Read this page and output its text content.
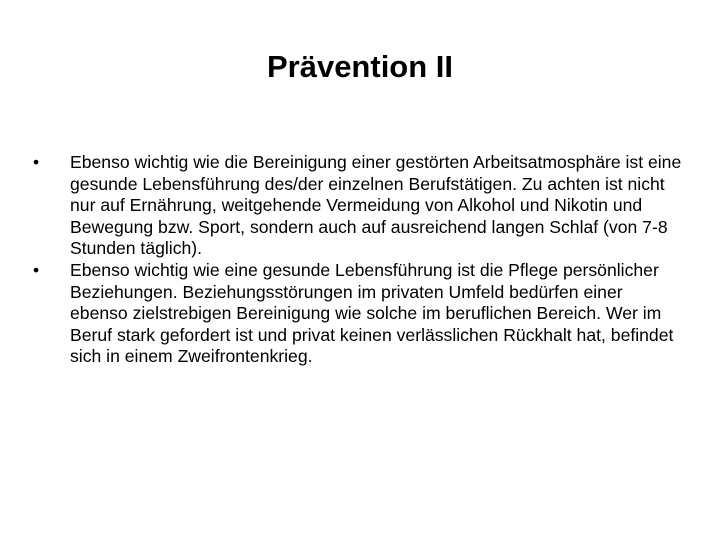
Prävention II
• Ebenso wichtig wie die Bereinigung einer gestörten Arbeitsatmosphäre ist eine gesunde Lebensführung des/der einzelnen Berufstätigen. Zu achten ist nicht nur auf Ernährung, weitgehende Vermeidung von Alkohol und Nikotin und Bewegung bzw. Sport, sondern auch auf ausreichend langen Schlaf (von 7-8 Stunden täglich).
• Ebenso wichtig wie eine gesunde Lebensführung ist die Pflege persönlicher Beziehungen. Beziehungsstörungen im privaten Umfeld bedürfen einer ebenso zielstrebigen Bereinigung wie solche im beruflichen Bereich. Wer im Beruf stark gefordert ist und privat keinen verlässlichen Rückhalt hat, befindet sich in einem Zweifrontenkrieg.
